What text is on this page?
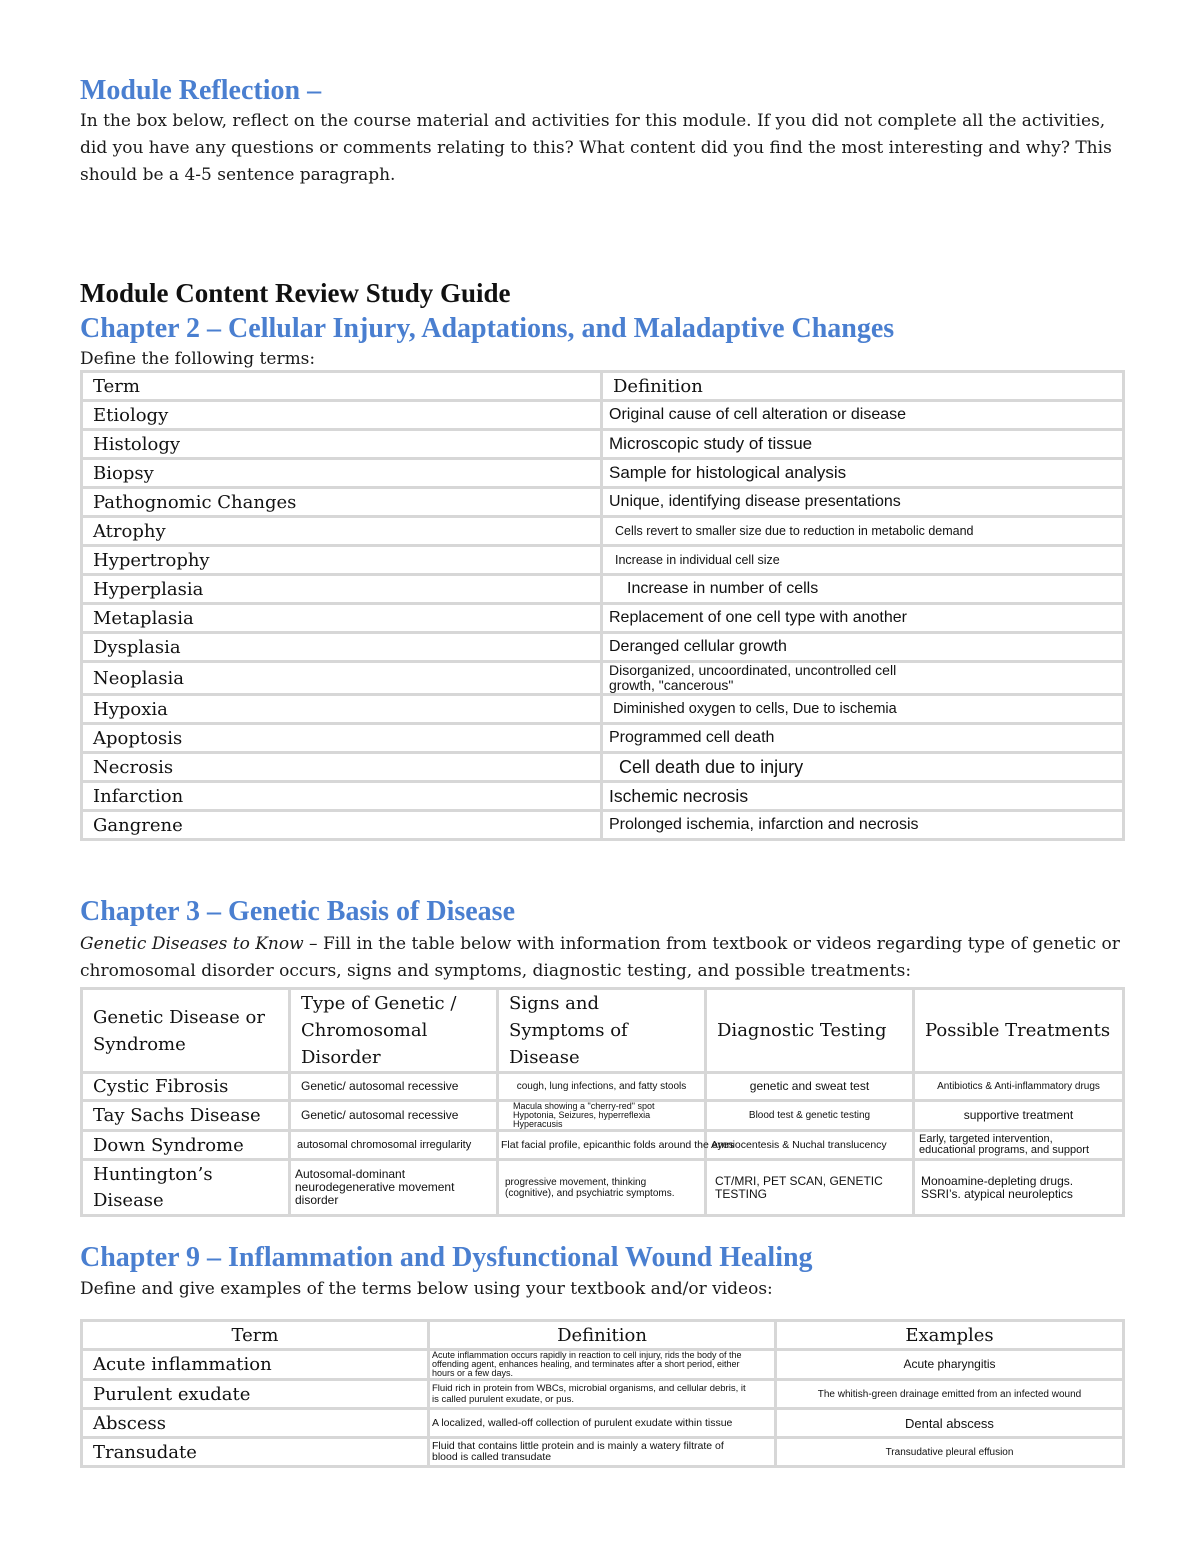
Module Reflection –

In the box below, reflect on the course material and activities for this module. If you did not complete all the activities, did you have any questions or comments relating to this? What content did you find the most interesting and why? This should be a 4-5 sentence paragraph.

Module Content Review Study Guide
Chapter 2 – Cellular Injury, Adaptations, and Maladaptive Changes

Define the following terms:

Term	Definition
Etiology	Original cause of cell alteration or disease
Histology	Microscopic study of tissue
Biopsy	Sample for histological analysis
Pathognomic Changes	Unique, identifying disease presentations
Atrophy	Cells revert to smaller size due to reduction in metabolic demand
Hypertrophy	Increase in individual cell size
Hyperplasia	Increase in number of cells
Metaplasia	Replacement of one cell type with another
Dysplasia	Deranged cellular growth
Neoplasia	Disorganized, uncoordinated, uncontrolled cell growth, "cancerous"
Hypoxia	Diminished oxygen to cells, Due to ischemia
Apoptosis	Programmed cell death
Necrosis	Cell death due to injury
Infarction	Ischemic necrosis
Gangrene	Prolonged ischemia, infarction and necrosis
Chapter 3 – Genetic Basis of Disease

Genetic Diseases to Know – Fill in the table below with information from textbook or videos regarding type of genetic or chromosomal disorder occurs, signs and symptoms, diagnostic testing, and possible treatments:

Genetic Disease or Syndrome	Type of Genetic / Chromosomal Disorder	Signs and Symptoms of Disease	Diagnostic Testing	Possible Treatments
Cystic Fibrosis	Genetic/ autosomal recessive	cough, lung infections, and fatty stools	genetic and sweat test	Antibiotics & Anti-inflammatory drugs
Tay Sachs Disease	Genetic/ autosomal recessive	Macula showing a "cherry-red" spot Hypotonia, Seizures, hyperreflexia Hyperacusis	Blood test & genetic testing	supportive treatment
Down Syndrome	autosomal chromosomal irregularity	Flat facial profile, epicanthic folds around the eyes	Amniocentesis & Nuchal translucency	Early, targeted intervention, educational programs, and support
Huntington’s Disease	Autosomal-dominant neurodegenerative movement disorder	progressive movement, thinking (cognitive), and psychiatric symptoms.	CT/MRI, PET SCAN, GENETIC TESTING	Monoamine-depleting drugs. SSRI’s. atypical neuroleptics
Chapter 9 – Inflammation and Dysfunctional Wound Healing

Define and give examples of the terms below using your textbook and/or videos:

Term	Definition	Examples
Acute inflammation	Acute inflammation occurs rapidly in reaction to cell injury, rids the body of the offending agent, enhances healing, and terminates after a short period, either hours or a few days.	Acute pharyngitis
Purulent exudate	Fluid rich in protein from WBCs, microbial organisms, and cellular debris, it is called purulent exudate, or pus.	The whitish-green drainage emitted from an infected wound
Abscess	A localized, walled-off collection of purulent exudate within tissue	Dental abscess
Transudate	Fluid that contains little protein and is mainly a watery filtrate of blood is called transudate	Transudative pleural effusion
